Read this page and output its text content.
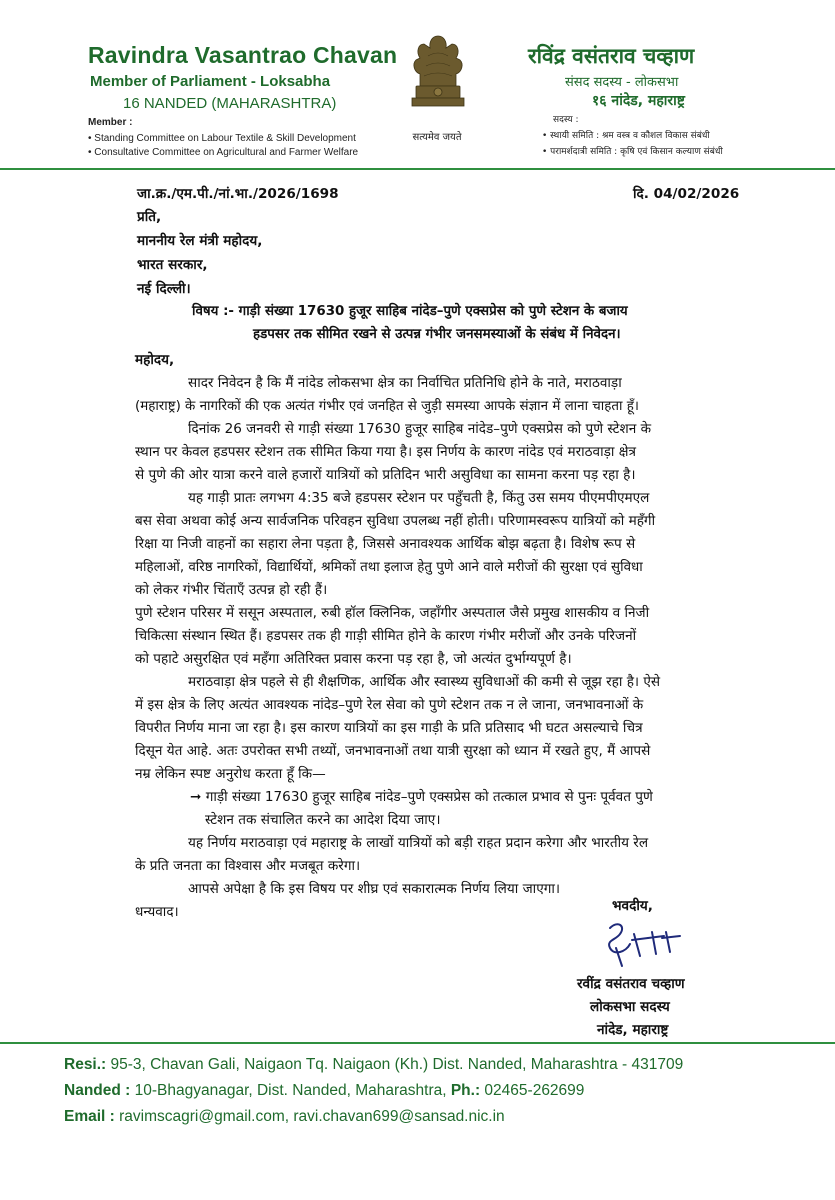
Ravindra Vasantrao Chavan
Member of Parliament - Loksabha
16 NANDED (MAHARASHTRA)
Member :
• Standing Committee on Labour Textile & Skill Development
• Consultative Committee on Agricultural and Farmer Welfare
सत्यमेव जयते
रविंद्र वसंतराव चव्हाण
संसद सदस्य - लोकसभा
१६ नांदेड, महाराष्ट्र
सदस्य :
• स्थायी समिति : श्रम वस्त्र व कौशल विकास संबंधी
• परामर्शदात्री समिति : कृषि एवं किसान कल्याण संबंधी
जा.क्र./एम.पी./नां.भा./2026/1698	दि. 04/02/2026
प्रति,
माननीय रेल मंत्री महोदय,
भारत सरकार,
नई दिल्ली।
विषय :- गाड़ी संख्या 17630 हुजूर साहिब नांदेड–पुणे एक्सप्रेस को पुणे स्टेशन के बजाय
हडपसर तक सीमित रखने से उत्पन्न गंभीर जनसमस्याओं के संबंध में निवेदन।
महोदय,
सादर निवेदन है कि मैं नांदेड लोकसभा क्षेत्र का निर्वाचित प्रतिनिधि होने के नाते, मराठवाड़ा
(महाराष्ट्र) के नागरिकों की एक अत्यंत गंभीर एवं जनहित से जुड़ी समस्या आपके संज्ञान में लाना चाहता हूँ।
दिनांक 26 जनवरी से गाड़ी संख्या 17630 हुजूर साहिब नांदेड–पुणे एक्सप्रेस को पुणे स्टेशन के
स्थान पर केवल हडपसर स्टेशन तक सीमित किया गया है। इस निर्णय के कारण नांदेड एवं मराठवाड़ा क्षेत्र
से पुणे की ओर यात्रा करने वाले हजारों यात्रियों को प्रतिदिन भारी असुविधा का सामना करना पड़ रहा है।
यह गाड़ी प्रातः लगभग 4:35 बजे हडपसर स्टेशन पर पहुँचती है, किंतु उस समय पीएमपीएमएल
बस सेवा अथवा कोई अन्य सार्वजनिक परिवहन सुविधा उपलब्ध नहीं होती। परिणामस्वरूप यात्रियों को महँगी
रिक्षा या निजी वाहनों का सहारा लेना पड़ता है, जिससे अनावश्यक आर्थिक बोझ बढ़ता है। विशेष रूप से
महिलाओं, वरिष्ठ नागरिकों, विद्यार्थियों, श्रमिकों तथा इलाज हेतु पुणे आने वाले मरीजों की सुरक्षा एवं सुविधा
को लेकर गंभीर चिंताएँ उत्पन्न हो रही हैं।
पुणे स्टेशन परिसर में ससून अस्पताल, रुबी हॉल क्लिनिक, जहाँगीर अस्पताल जैसे प्रमुख शासकीय व निजी
चिकित्सा संस्थान स्थित हैं। हडपसर तक ही गाड़ी सीमित होने के कारण गंभीर मरीजों और उनके परिजनों
को पहाटे असुरक्षित एवं महँगा अतिरिक्त प्रवास करना पड़ रहा है, जो अत्यंत दुर्भाग्यपूर्ण है।
मराठवाड़ा क्षेत्र पहले से ही शैक्षणिक, आर्थिक और स्वास्थ्य सुविधाओं की कमी से जूझ रहा है। ऐसे
में इस क्षेत्र के लिए अत्यंत आवश्यक नांदेड–पुणे रेल सेवा को पुणे स्टेशन तक न ले जाना, जनभावनाओं के
विपरीत निर्णय माना जा रहा है। इस कारण यात्रियों का इस गाड़ी के प्रति प्रतिसाद भी घटत असल्याचे चित्र
दिसून येत आहे. अतः उपरोक्त सभी तथ्यों, जनभावनाओं तथा यात्री सुरक्षा को ध्यान में रखते हुए, मैं आपसे
नम्र लेकिन स्पष्ट अनुरोध करता हूँ कि—
➞ गाड़ी संख्या 17630 हुजूर साहिब नांदेड–पुणे एक्सप्रेस को तत्काल प्रभाव से पुनः पूर्ववत पुणे
स्टेशन तक संचालित करने का आदेश दिया जाए।
यह निर्णय मराठवाड़ा एवं महाराष्ट्र के लाखों यात्रियों को बड़ी राहत प्रदान करेगा और भारतीय रेल
के प्रति जनता का विश्वास और मजबूत करेगा।
आपसे अपेक्षा है कि इस विषय पर शीघ्र एवं सकारात्मक निर्णय लिया जाएगा।
धन्यवाद।	भवदीय,
रवींद्र वसंतराव चव्हाण
लोकसभा सदस्य
नांदेड, महाराष्ट्र
Resi.: 95-3, Chavan Gali, Naigaon Tq. Naigaon (Kh.) Dist. Nanded, Maharashtra - 431709
Nanded : 10-Bhagyanagar, Dist. Nanded, Maharashtra, Ph.: 02465-262699
Email : ravimscagri@gmail.com, ravi.chavan699@sansad.nic.in
